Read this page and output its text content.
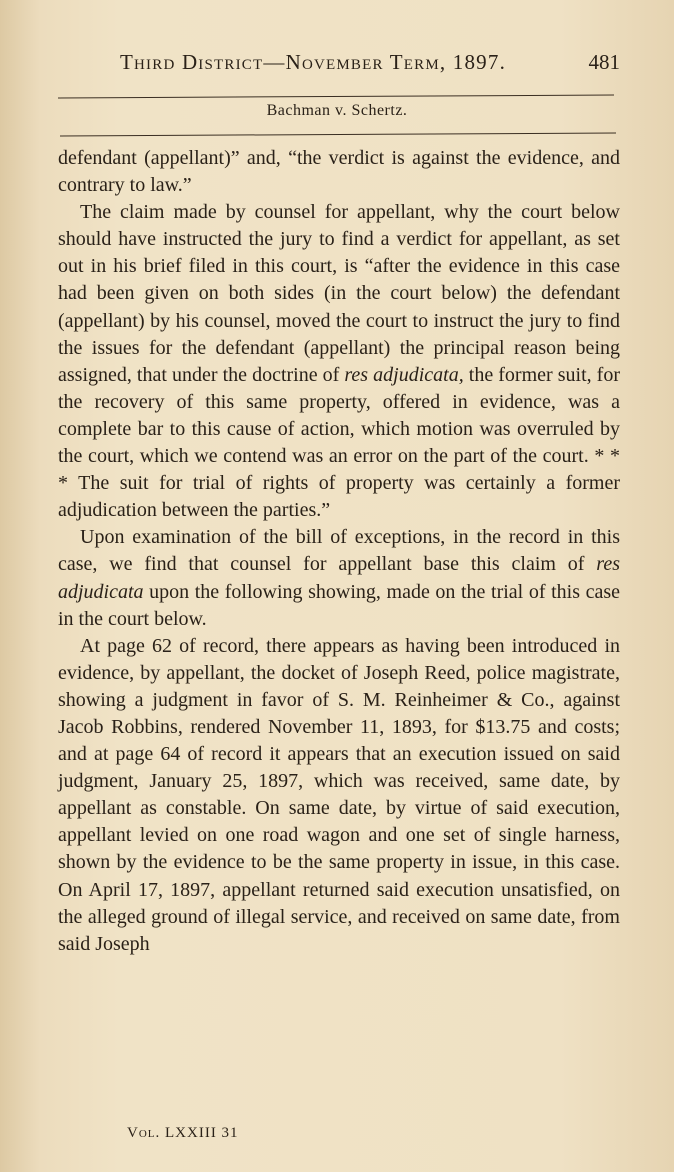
Third District—November Term, 1897.	481
Bachman v. Schertz.

defendant (appellant)” and, “the verdict is against the evidence, and contrary to law.”

The claim made by counsel for appellant, why the court below should have instructed the jury to find a verdict for appellant, as set out in his brief filed in this court, is “after the evidence in this case had been given on both sides (in the court below) the defendant (appellant) by his counsel, moved the court to instruct the jury to find the issues for the defendant (appellant) the principal reason being assigned, that under the doctrine of res adjudicata, the former suit, for the recovery of this same property, offered in evidence, was a complete bar to this cause of action, which motion was overruled by the court, which we contend was an error on the part of the court. * * * The suit for trial of rights of property was certainly a former adjudication between the parties.”

Upon examination of the bill of exceptions, in the record in this case, we find that counsel for appellant base this claim of res adjudicata upon the following showing, made on the trial of this case in the court below.

At page 62 of record, there appears as having been introduced in evidence, by appellant, the docket of Joseph Reed, police magistrate, showing a judgment in favor of S. M. Reinheimer & Co., against Jacob Robbins, rendered November 11, 1893, for $13.75 and costs; and at page 64 of record it appears that an execution issued on said judgment, January 25, 1897, which was received, same date, by appellant as constable. On same date, by virtue of said execution, appellant levied on one road wagon and one set of single harness, shown by the evidence to be the same property in issue, in this case. On April 17, 1897, appellant returned said execution unsatisfied, on the alleged ground of illegal service, and received on same date, from said Joseph

Vol. LXXIII 31
